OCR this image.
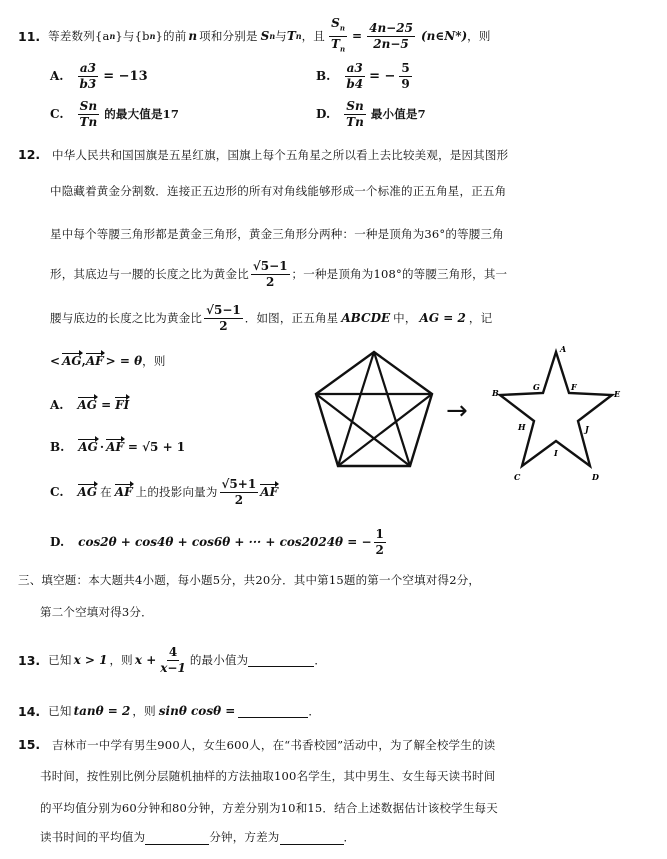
11. 等差数列{a n }与{b n }的前 n 项和分别是 S n 与 T n ，且 $\frac{S_n}{T_n} = \frac{4n-25}{2n-5}$ (n∈N*) ，则
A. $\frac{a3}{b3} = -13$	B. $\frac{a3}{b4}$ = − $\frac{5}{9}$
C. $\frac{Sn}{Tn}$ 的最大值是17	D. $\frac{Sn}{Tn}$ 最小值是7
12. 中华人民共和国国旗是五星红旗，国旗上每个五角星之所以看上去比较美观，是因其图形
中隐藏着黄金分割数．连接正五边形的所有对角线能够形成一个标准的正五角星，正五角
星中每个等腰三角形都是黄金三角形，黄金三角形分两种：一种是顶角为36°的等腰三角
形，其底边与一腰的长度之比为黄金比 $\frac{√5-1}{2}$ ；一种是顶角为108°的等腰三角形，其一
腰与底边的长度之比为黄金比 $\frac{√5-1}{2}$ ．如图，正五角星 ABCDE 中， AG = 2 ，记
< AG , AF > = θ ，则
A. AG = FI
B. AG · AF = √5 + 1
C. AG 在 AF 上的投影向量为 $\frac{√5+1}{2}$ AF
D. cos2θ + cos4θ + cos6θ + ··· + cos2024θ = − $\frac{1}{2}$
→
A
B	E
G	F
H	J
I
C	D
三、填空题：本大题共4小题，每小题5分，共20分．其中第15题的第一个空填对得2分，
第二个空填对得3分．
13. 已知 x > 1 ，则 $x + \frac{4}{x-1}$ 的最小值为	．
14. 已知 tanθ = 2 ，则 sinθ cosθ =	．
15. 吉林市一中学有男生900人，女生600人，在“书香校园”活动中，为了解全校学生的读
书时间，按性别比例分层随机抽样的方法抽取100名学生，其中男生、女生每天读书时间
的平均值分别为60分钟和80分钟，方差分别为10和15．结合上述数据估计该校学生每天
读书时间的平均值为	分钟，方差为	．
